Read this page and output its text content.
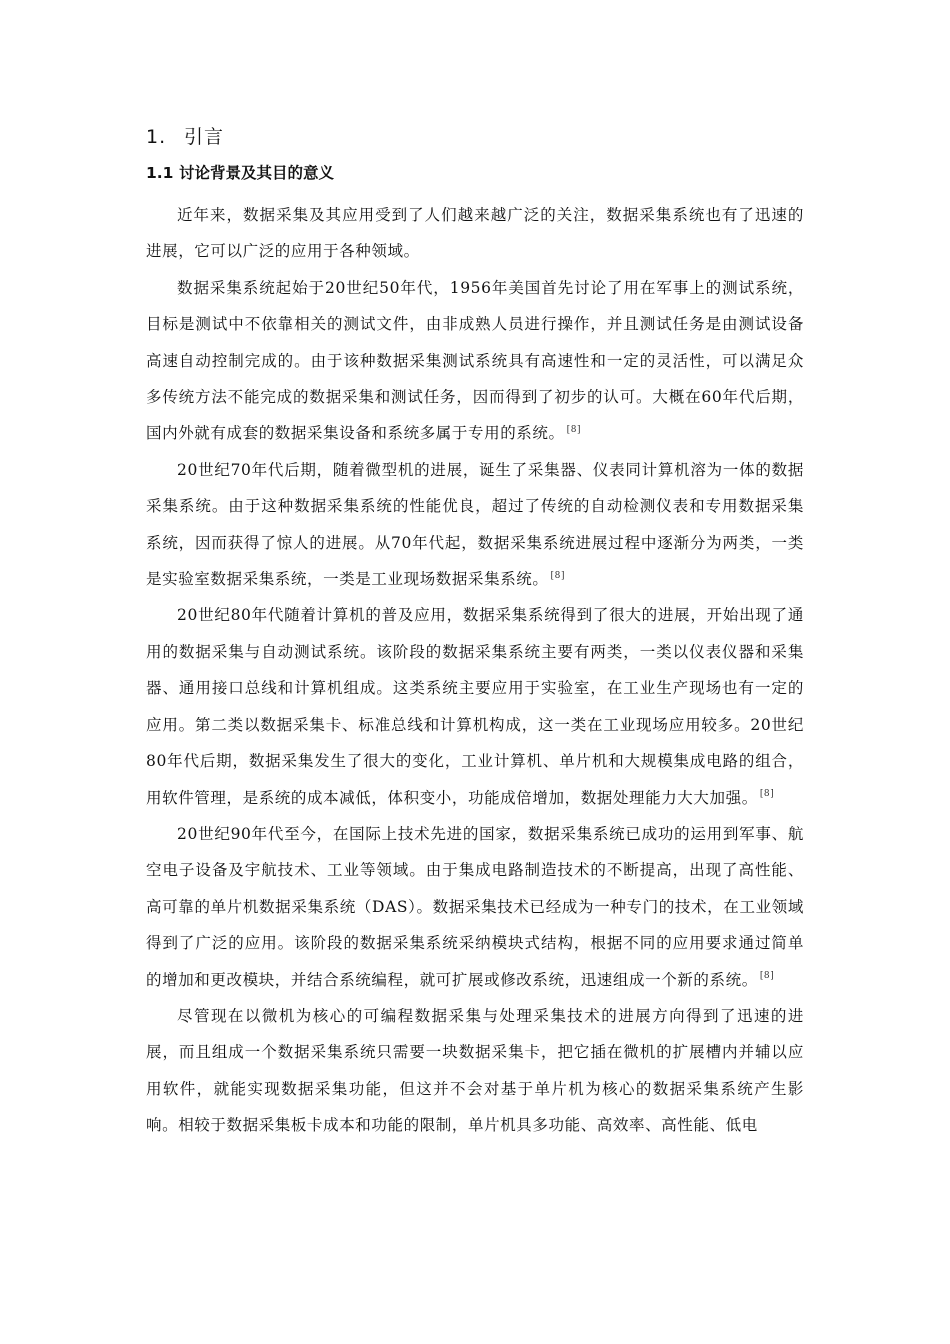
1. 引言
1.1 讨论背景及其目的意义

近年来，数据采集及其应用受到了人们越来越广泛的关注，数据采集系统也有了迅速的进展，它可以广泛的应用于各种领域。

数据采集系统起始于20世纪50年代，1956年美国首先讨论了用在军事上的测试系统，目标是测试中不依靠相关的测试文件，由非成熟人员进行操作，并且测试任务是由测试设备高速自动控制完成的。由于该种数据采集测试系统具有高速性和一定的灵活性，可以满足众多传统方法不能完成的数据采集和测试任务，因而得到了初步的认可。大概在60年代后期，国内外就有成套的数据采集设备和系统多属于专用的系统。 [8]

20世纪70年代后期，随着微型机的进展，诞生了采集器、仪表同计算机溶为一体的数据采集系统。由于这种数据采集系统的性能优良，超过了传统的自动检测仪表和专用数据采集系统，因而获得了惊人的进展。从70年代起，数据采集系统进展过程中逐渐分为两类，一类是实验室数据采集系统，一类是工业现场数据采集系统。 [8]

20世纪80年代随着计算机的普及应用，数据采集系统得到了很大的进展，开始出现了通用的数据采集与自动测试系统。该阶段的数据采集系统主要有两类，一类以仪表仪器和采集器、通用接口总线和计算机组成。这类系统主要应用于实验室，在工业生产现场也有一定的应用。第二类以数据采集卡、标准总线和计算机构成，这一类在工业现场应用较多。20世纪80年代后期，数据采集发生了很大的变化，工业计算机、单片机和大规模集成电路的组合，用软件管理，是系统的成本减低，体积变小，功能成倍增加，数据处理能力大大加强。 [8]

20世纪90年代至今，在国际上技术先进的国家，数据采集系统已成功的运用到军事、航空电子设备及宇航技术、工业等领域。由于集成电路制造技术的不断提高，出现了高性能、高可靠的单片机数据采集系统（DAS）。数据采集技术已经成为一种专门的技术，在工业领域得到了广泛的应用。该阶段的数据采集系统采纳模块式结构，根据不同的应用要求通过简单的增加和更改模块，并结合系统编程，就可扩展或修改系统，迅速组成一个新的系统。 [8]

尽管现在以微机为核心的可编程数据采集与处理采集技术的进展方向得到了迅速的进展，而且组成一个数据采集系统只需要一块数据采集卡，把它插在微机的扩展槽内并辅以应用软件，就能实现数据采集功能，但这并不会对基于单片机为核心的数据采集系统产生影响。相较于数据采集板卡成本和功能的限制，单片机具多功能、高效率、高性能、低电
